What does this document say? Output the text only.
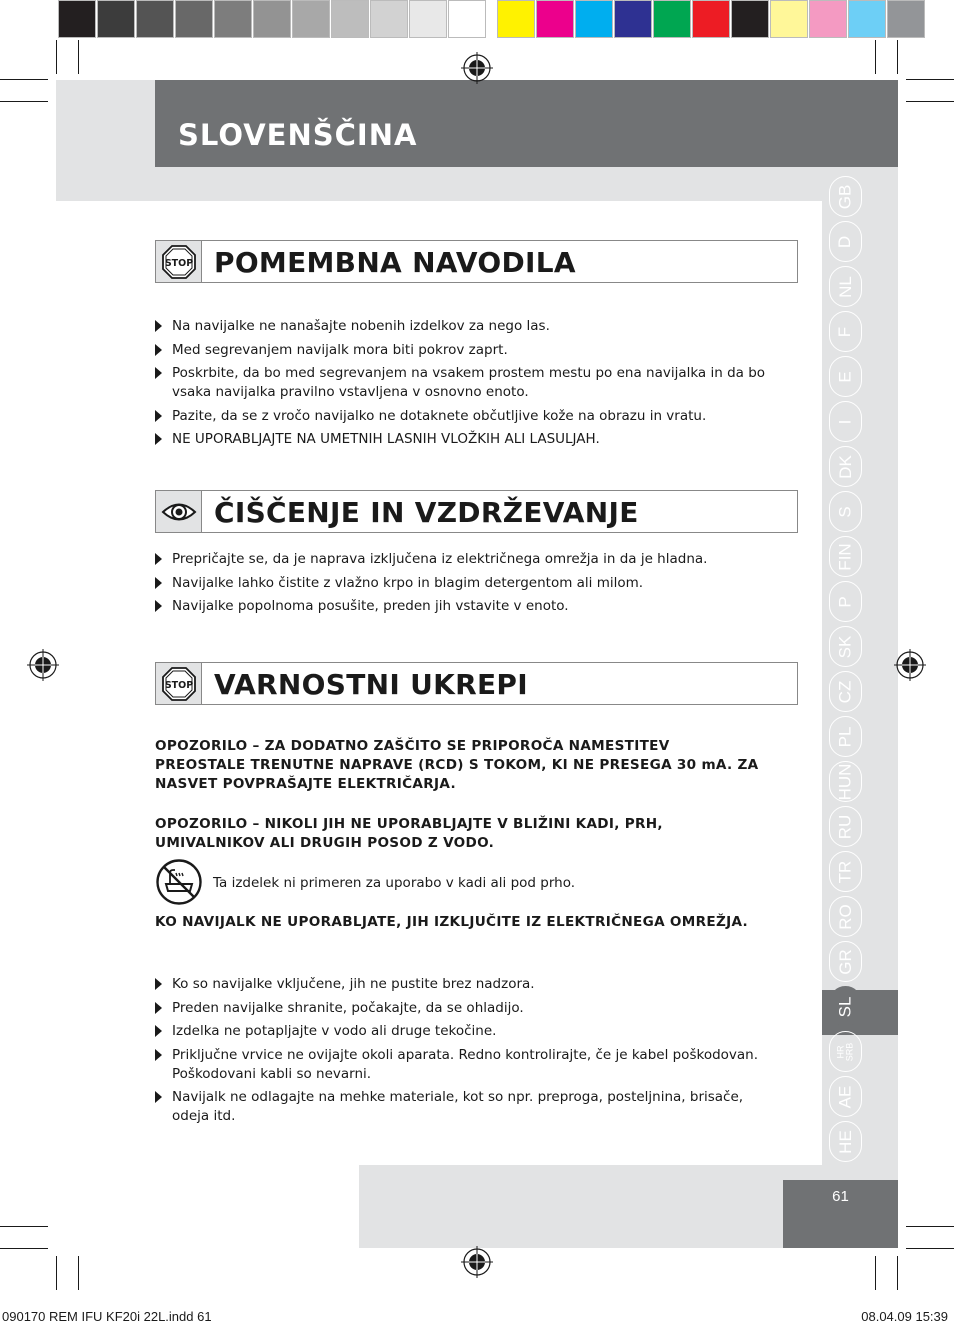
SLOVENŠČINA
GB
D
NL
F
E
I
DK
S
FIN
P
SK
CZ
PL
HUN
RU
TR
RO
GR
SL
HR
SRB
AE
HE
STOP POMEMBNA NAVODILA
Na navijalke ne nanašajte nobenih izdelkov za nego las.
Med segrevanjem navijalk mora biti pokrov zaprt.
Poskrbite, da bo med segrevanjem na vsakem prostem mestu po ena navijalka in da bo vsaka navijalka pravilno vstavljena v osnovno enoto.
Pazite, da se z vročo navijalko ne dotaknete občutljive kože na obrazu in vratu.
NE UPORABLJAJTE NA UMETNIH LASNIH VLOŽKIH ALI LASULJAH.
ČIŠČENJE IN VZDRŽEVANJE
Prepričajte se, da je naprava izključena iz električnega omrežja in da je hladna.
Navijalke lahko čistite z vlažno krpo in blagim detergentom ali milom.
Navijalke popolnoma posušite, preden jih vstavite v enoto.
STOP VARNOSTNI UKREPI
OPOZORILO – ZA DODATNO ZAŠČITO SE PRIPOROČA NAMESTITEV PREOSTALE TRENUTNE NAPRAVE (RCD) S TOKOM, KI NE PRESEGA 30 mA. ZA NASVET POVPRAŠAJTE ELEKTRIČARJA.
OPOZORILO – NIKOLI JIH NE UPORABLJAJTE V BLIŽINI KADI, PRH, UMIVALNIKOV ALI DRUGIH POSOD Z VODO.
Ta izdelek ni primeren za uporabo v kadi ali pod prho.
KO NAVIJALK NE UPORABLJATE, JIH IZKLJUČITE IZ ELEKTRIČNEGA OMREŽJA.
Ko so navijalke vključene, jih ne pustite brez nadzora.
Preden navijalke shranite, počakajte, da se ohladijo.
Izdelka ne potapljajte v vodo ali druge tekočine.
Priključne vrvice ne ovijajte okoli aparata. Redno kontrolirajte, če je kabel poškodovan. Poškodovani kabli so nevarni.
Navijalk ne odlagajte na mehke materiale, kot so npr. preproga, posteljnina, brisače, odeja itd.
61
090170 REM IFU KF20i 22L.indd 61	08.04.09 15:39
